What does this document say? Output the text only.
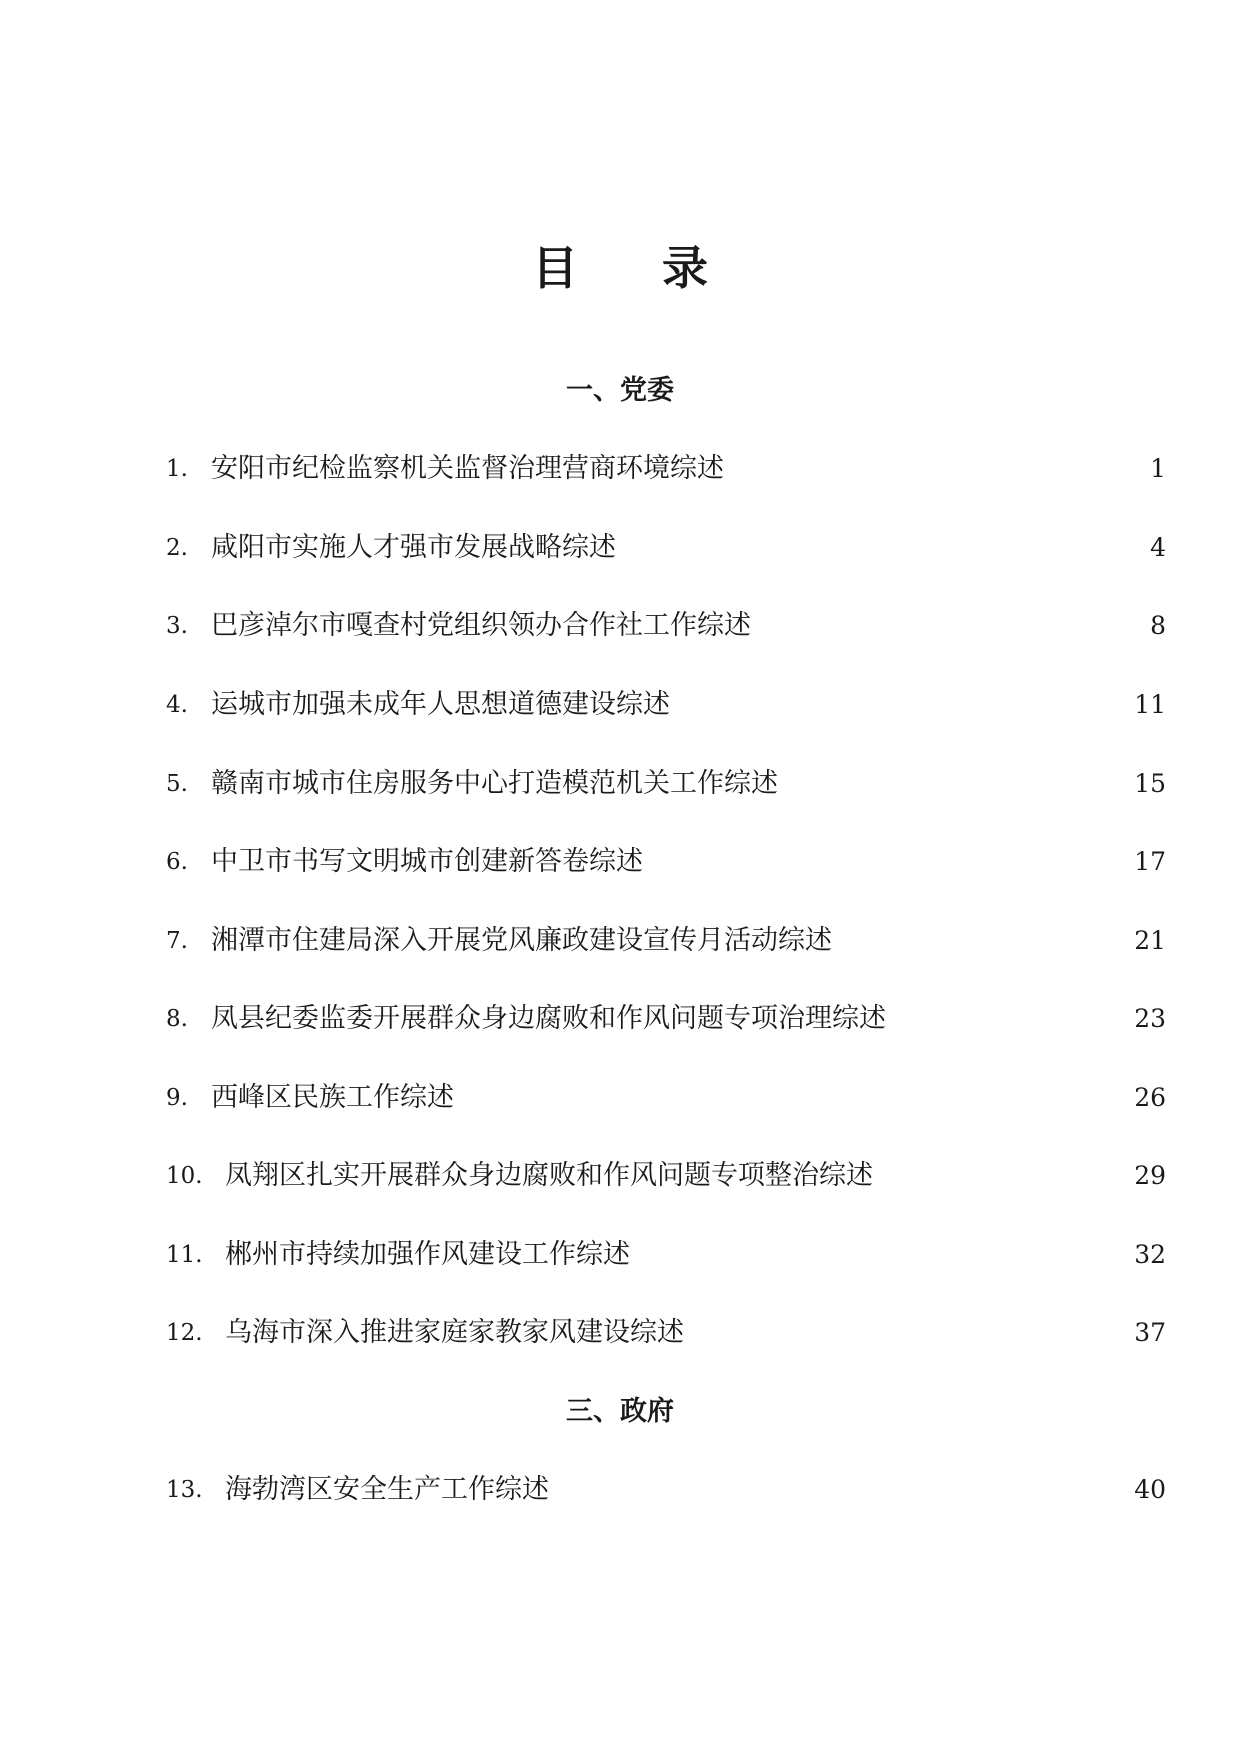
目 录
一、党委
1. 安阳市纪检监察机关监督治理营商环境综述	1
2. 咸阳市实施人才强市发展战略综述	4
3. 巴彦淖尔市嘎查村党组织领办合作社工作综述	8
4. 运城市加强未成年人思想道德建设综述	11
5. 赣南市城市住房服务中心打造模范机关工作综述	15
6. 中卫市书写文明城市创建新答卷综述	17
7. 湘潭市住建局深入开展党风廉政建设宣传月活动综述	21
8. 凤县纪委监委开展群众身边腐败和作风问题专项治理综述	23
9. 西峰区民族工作综述	26
10. 凤翔区扎实开展群众身边腐败和作风问题专项整治综述	29
11. 郴州市持续加强作风建设工作综述	32
12. 乌海市深入推进家庭家教家风建设综述	37
三、政府
13. 海勃湾区安全生产工作综述	40
